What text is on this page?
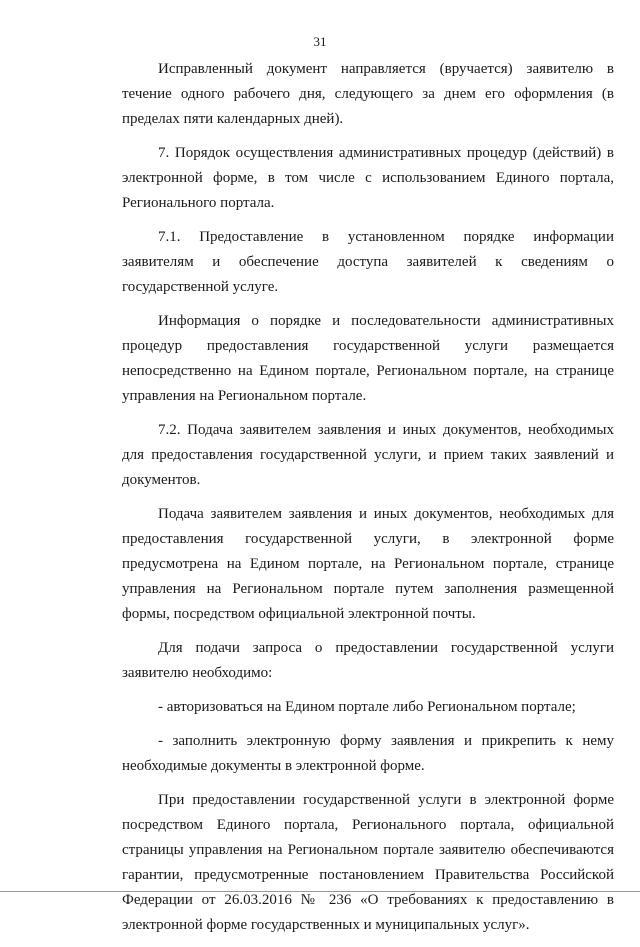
31

Исправленный документ направляется (вручается) заявителю в течение одного рабочего дня, следующего за днем его оформления (в пределах пяти календарных дней).

7. Порядок осуществления административных процедур (действий) в электронной форме, в том числе с использованием Единого портала, Регионального портала.

7.1. Предоставление в установленном порядке информации заявителям и обеспечение доступа заявителей к сведениям о государственной услуге.

Информация о порядке и последовательности административных процедур предоставления государственной услуги размещается непосредственно на Едином портале, Региональном портале, на странице управления на Региональном портале.

7.2. Подача заявителем заявления и иных документов, необходимых для предоставления государственной услуги, и прием таких заявлений и документов.

Подача заявителем заявления и иных документов, необходимых для предоставления государственной услуги, в электронной форме предусмотрена на Едином портале, на Региональном портале, странице управления на Региональном портале путем заполнения размещенной формы, посредством официальной электронной почты.

Для подачи запроса о предоставлении государственной услуги заявителю необходимо:

- авторизоваться на Едином портале либо Региональном портале;

- заполнить электронную форму заявления и прикрепить к нему необходимые документы в электронной форме.

При предоставлении государственной услуги в электронной форме посредством Единого портала, Регионального портала, официальной страницы управления на Региональном портале заявителю обеспечиваются гарантии, предусмотренные постановлением Правительства Российской Федерации от 26.03.2016 № 236 «О требованиях к предоставлению в электронной форме государственных и муниципальных услуг».
